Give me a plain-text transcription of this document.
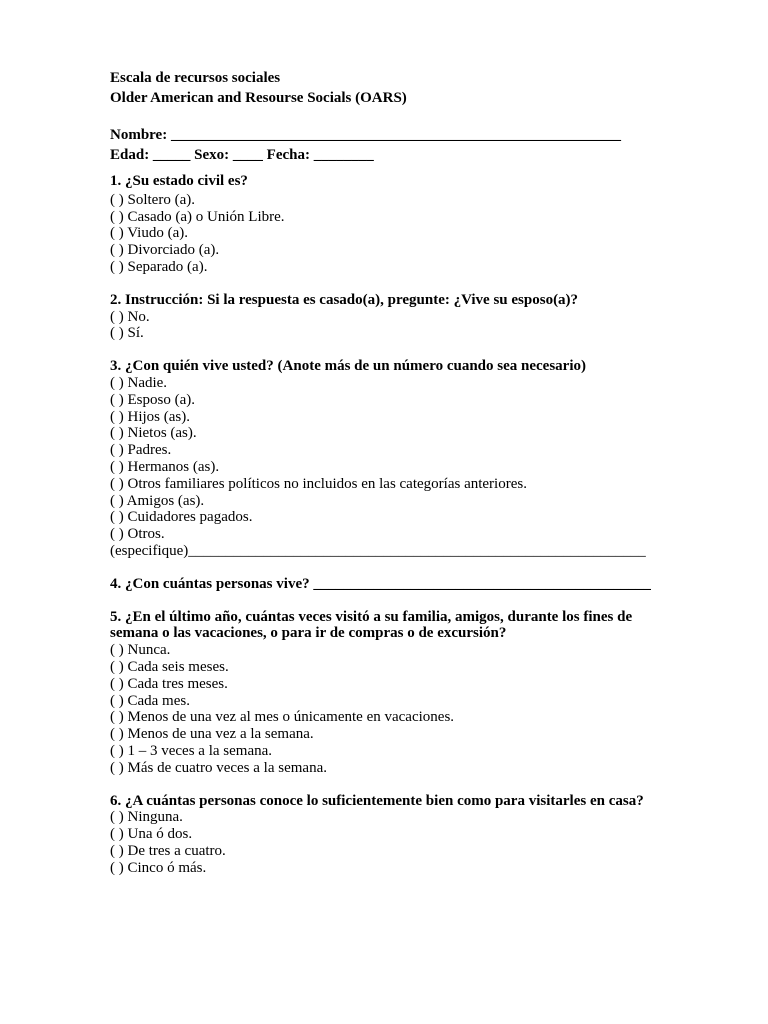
Escala de recursos sociales

Older American and Resourse Socials (OARS)

Nombre: ____________________________________________________________
Edad: _____ Sexo: ____ Fecha: ________

1. ¿Su estado civil es?

( ) Soltero (a).

( ) Casado (a) o Unión Libre.

( ) Viudo (a).

( ) Divorciado (a).

( ) Separado (a).

2. Instrucción: Si la respuesta es casado(a), pregunte: ¿Vive su esposo(a)?

( ) No.

( ) Sí.

3. ¿Con quién vive usted? (Anote más de un número cuando sea necesario)

( ) Nadie.

( ) Esposo (a).

( ) Hijos (as).

( ) Nietos (as).

( ) Padres.

( ) Hermanos (as).

( ) Otros familiares políticos no incluidos en las categorías anteriores.

( ) Amigos (as).

( ) Cuidadores pagados.

( ) Otros.

(especifique)_____________________________________________________________

4. ¿Con cuántas personas vive? _____________________________________________

5. ¿En el último año, cuántas veces visitó a su familia, amigos, durante los fines de semana o las vacaciones, o para ir de compras o de excursión?

( ) Nunca.

( ) Cada seis meses.

( ) Cada tres meses.

( ) Cada mes.

( ) Menos de una vez al mes o únicamente en vacaciones.

( ) Menos de una vez a la semana.

( ) 1 – 3 veces a la semana.

( ) Más de cuatro veces a la semana.

6. ¿A cuántas personas conoce lo suficientemente bien como para visitarles en casa?

( ) Ninguna.

( ) Una ó dos.

( ) De tres a cuatro.

( ) Cinco ó más.
